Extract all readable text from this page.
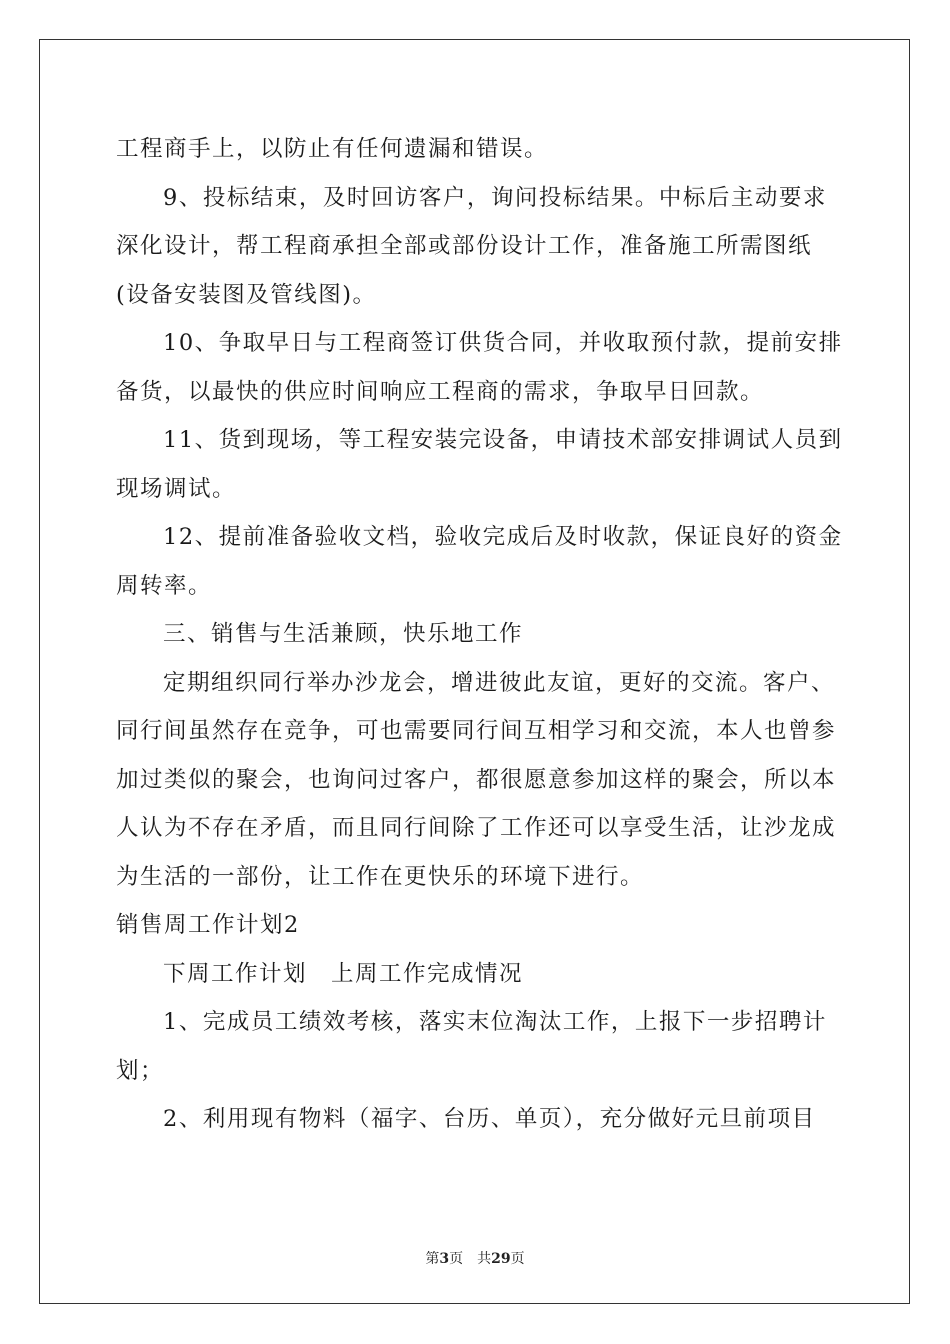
工程商手上，以防止有任何遗漏和错误。

9、投标结束，及时回访客户，询问投标结果。中标后主动要求

深化设计，帮工程商承担全部或部份设计工作，准备施工所需图纸

(设备安装图及管线图)。

10、争取早日与工程商签订供货合同，并收取预付款，提前安排

备货，以最快的供应时间响应工程商的需求，争取早日回款。

11、货到现场，等工程安装完设备，申请技术部安排调试人员到

现场调试。

12、提前准备验收文档，验收完成后及时收款，保证良好的资金

周转率。

三、销售与生活兼顾，快乐地工作

定期组织同行举办沙龙会，增进彼此友谊，更好的交流。客户、

同行间虽然存在竞争，可也需要同行间互相学习和交流，本人也曾参

加过类似的聚会，也询问过客户，都很愿意参加这样的聚会，所以本

人认为不存在矛盾，而且同行间除了工作还可以享受生活，让沙龙成

为生活的一部份，让工作在更快乐的环境下进行。

销售周工作计划2

下周工作计划　上周工作完成情况

1、完成员工绩效考核，落实末位淘汰工作，上报下一步招聘计

划；

2、利用现有物料（福字、台历、单页），充分做好元旦前项目

第3页　共29页
